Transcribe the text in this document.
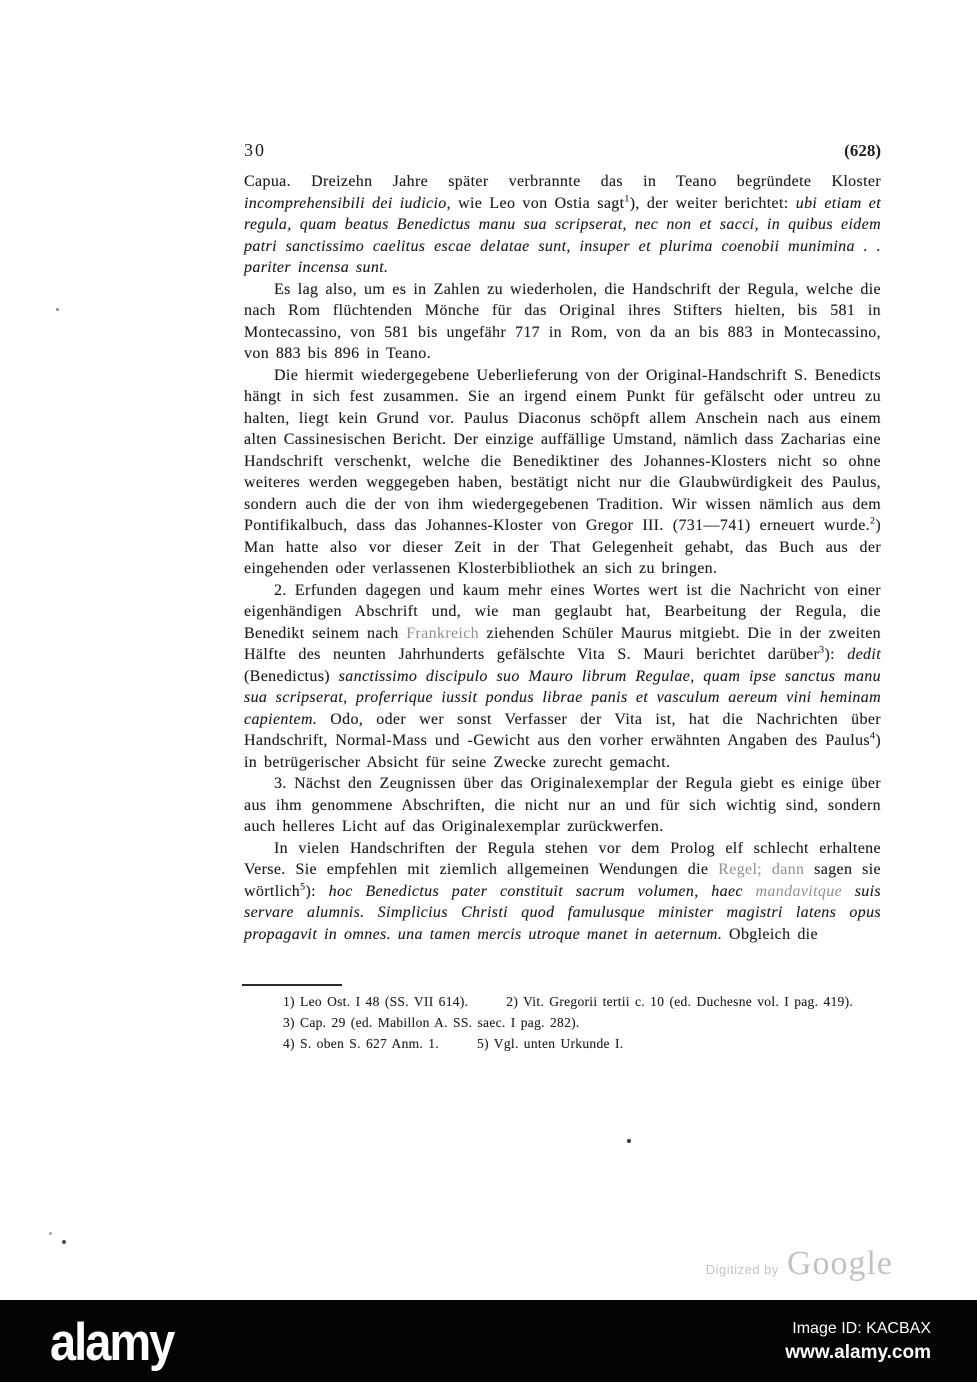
30	(628)

Capua. Dreizehn Jahre später verbrannte das in Teano begründete Kloster incomprehensibili dei iudicio, wie Leo von Ostia sagt$^1$), der weiter berichtet: ubi etiam et regula, quam beatus Benedictus manu sua scripserat, nec non et sacci, in quibus eidem patri sanctissimo caelitus escae delatae sunt, insuper et plurima coenobii munimina . . pariter incensa sunt.

Es lag also, um es in Zahlen zu wiederholen, die Handschrift der Regula, welche die nach Rom flüchtenden Mönche für das Original ihres Stifters hielten, bis 581 in Montecassino, von 581 bis ungefähr 717 in Rom, von da an bis 883 in Montecassino, von 883 bis 896 in Teano.

Die hiermit wiedergegebene Ueberlieferung von der Original-Handschrift S. Benedicts hängt in sich fest zusammen. Sie an irgend einem Punkt für gefälscht oder untreu zu halten, liegt kein Grund vor. Paulus Diaconus schöpft allem Anschein nach aus einem alten Cassinesischen Bericht. Der einzige auffällige Umstand, nämlich dass Zacharias eine Handschrift verschenkt, welche die Benediktiner des Johannes-Klosters nicht so ohne weiteres werden weggegeben haben, bestätigt nicht nur die Glaubwürdigkeit des Paulus, sondern auch die der von ihm wiedergegebenen Tradition. Wir wissen nämlich aus dem Pontifikalbuch, dass das Johannes-Kloster von Gregor III. (731—741) erneuert wurde.$^2$) Man hatte also vor dieser Zeit in der That Gelegenheit gehabt, das Buch aus der eingehenden oder verlassenen Klosterbibliothek an sich zu bringen.

2. Erfunden dagegen und kaum mehr eines Wortes wert ist die Nachricht von einer eigenhändigen Abschrift und, wie man geglaubt hat, Bearbeitung der Regula, die Benedikt seinem nach Frankreich ziehenden Schüler Maurus mitgiebt. Die in der zweiten Hälfte des neunten Jahrhunderts gefälschte Vita S. Mauri berichtet darüber$^3$): dedit (Benedictus) sanctissimo discipulo suo Mauro librum Regulae, quam ipse sanctus manu sua scripserat, proferrique iussit pondus librae panis et vasculum aereum vini heminam capientem. Odo, oder wer sonst Verfasser der Vita ist, hat die Nachrichten über Handschrift, Normal-Mass und -Gewicht aus den vorher erwähnten Angaben des Paulus$^4$) in betrügerischer Absicht für seine Zwecke zurecht gemacht.

3. Nächst den Zeugnissen über das Originalexemplar der Regula giebt es einige über aus ihm genommene Abschriften, die nicht nur an und für sich wichtig sind, sondern auch helleres Licht auf das Originalexemplar zurückwerfen.

In vielen Handschriften der Regula stehen vor dem Prolog elf schlecht erhaltene Verse. Sie empfehlen mit ziemlich allgemeinen Wendungen die Regel; dann sagen sie wörtlich$^5$): hoc Benedictus pater constituit sacrum volumen, haec mandavitque suis servare alumnis. Simplicius Christi quod famulusque minister magistri latens opus propagavit in omnes. una tamen mercis utroque manet in aeternum. Obgleich die

1) Leo Ost. I 48 (SS. VII 614).	2) Vit. Gregorii tertii c. 10 (ed. Duchesne vol. I pag. 419).
3) Cap. 29 (ed. Mabillon A. SS. saec. I pag. 282).
4) S. oben S. 627 Anm. 1.	5) Vgl. unten Urkunde I.
Digitized by Google
alamy	Image ID: KACBAX
www.alamy.com
